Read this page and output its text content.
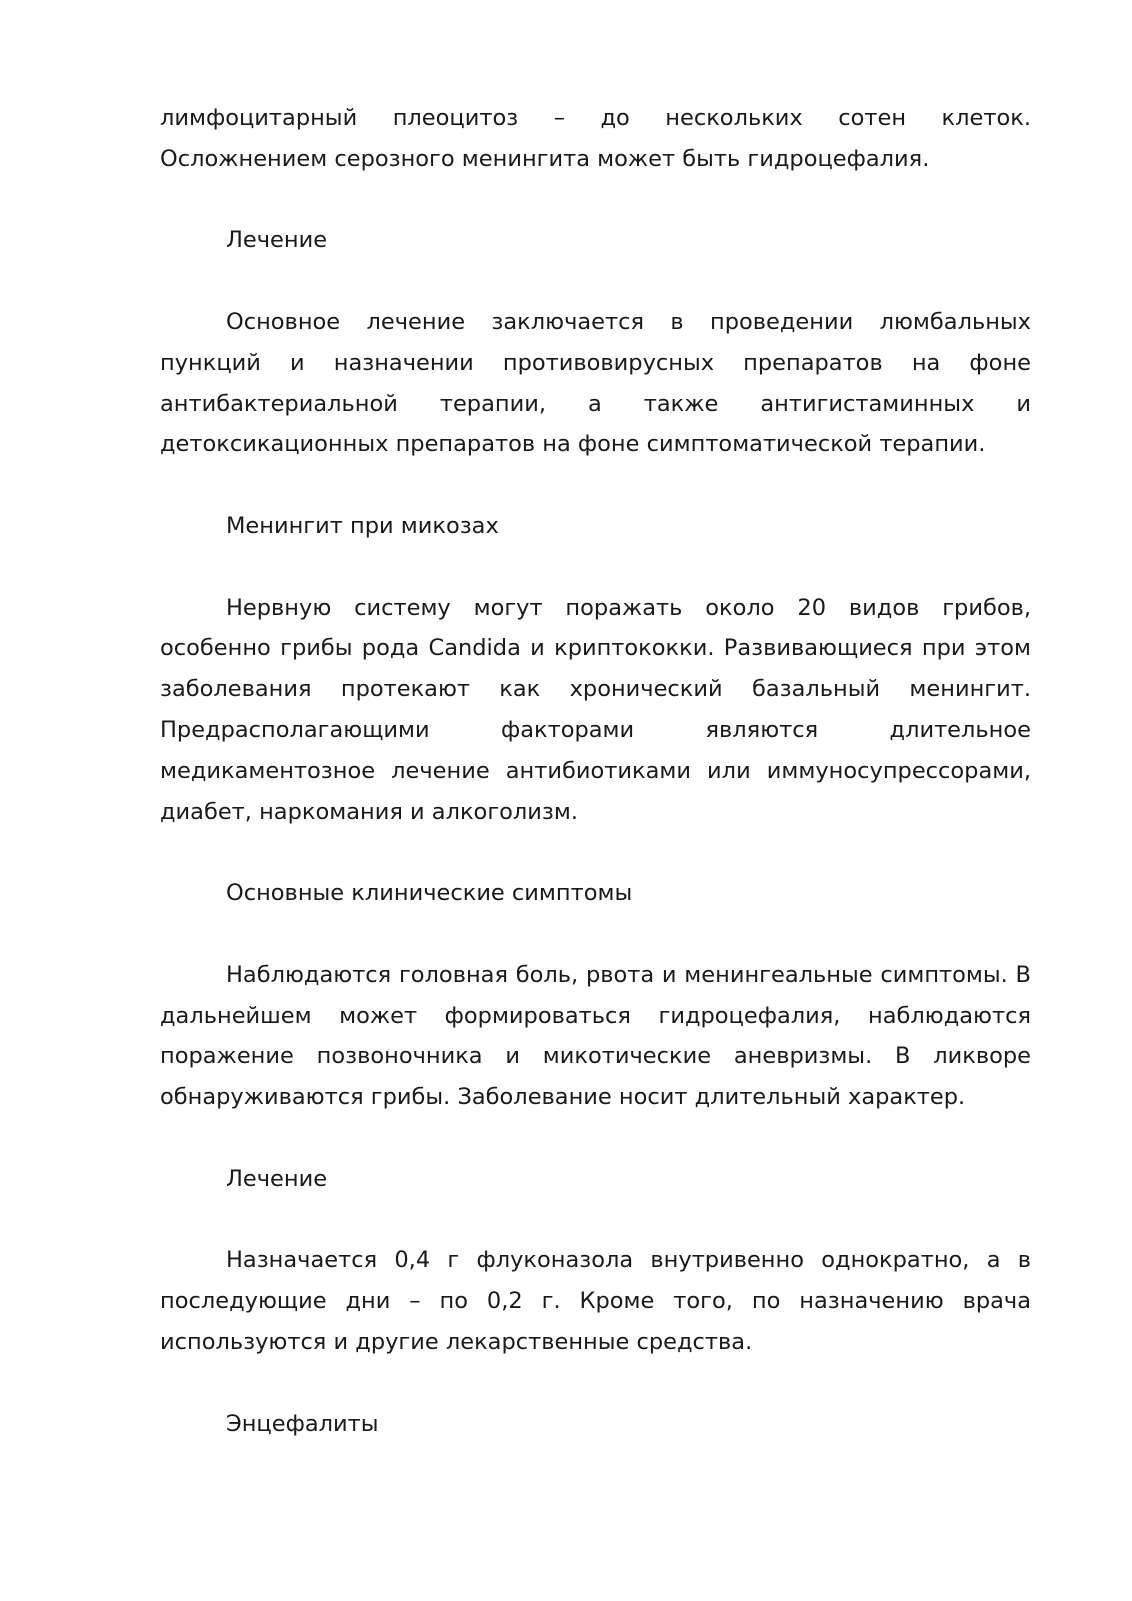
лимфоцитарный плеоцитоз – до нескольких сотен клеток. Осложнением серозного менингита может быть гидроцефалия.

Лечение

Основное лечение заключается в проведении люмбальных пункций и назначении противовирусных препаратов на фоне антибактериальной терапии, а также антигистаминных и детоксикационных препаратов на фоне симптоматической терапии.

Менингит при микозах

Нервную систему могут поражать около 20 видов грибов, особенно грибы рода Candida и криптококки. Развивающиеся при этом заболевания протекают как хронический базальный менингит. Предрасполагающими факторами являются длительное медикаментозное лечение антибиотиками или иммуносупрессорами, диабет, наркомания и алкоголизм.

Основные клинические симптомы

Наблюдаются головная боль, рвота и менингеальные симптомы. В дальнейшем может формироваться гидроцефалия, наблюдаются поражение позвоночника и микотические аневризмы. В ликворе обнаруживаются грибы. Заболевание носит длительный характер.

Лечение

Назначается 0,4 г флуконазола внутривенно однократно, а в последующие дни – по 0,2 г. Кроме того, по назначению врача используются и другие лекарственные средства.

Энцефалиты
